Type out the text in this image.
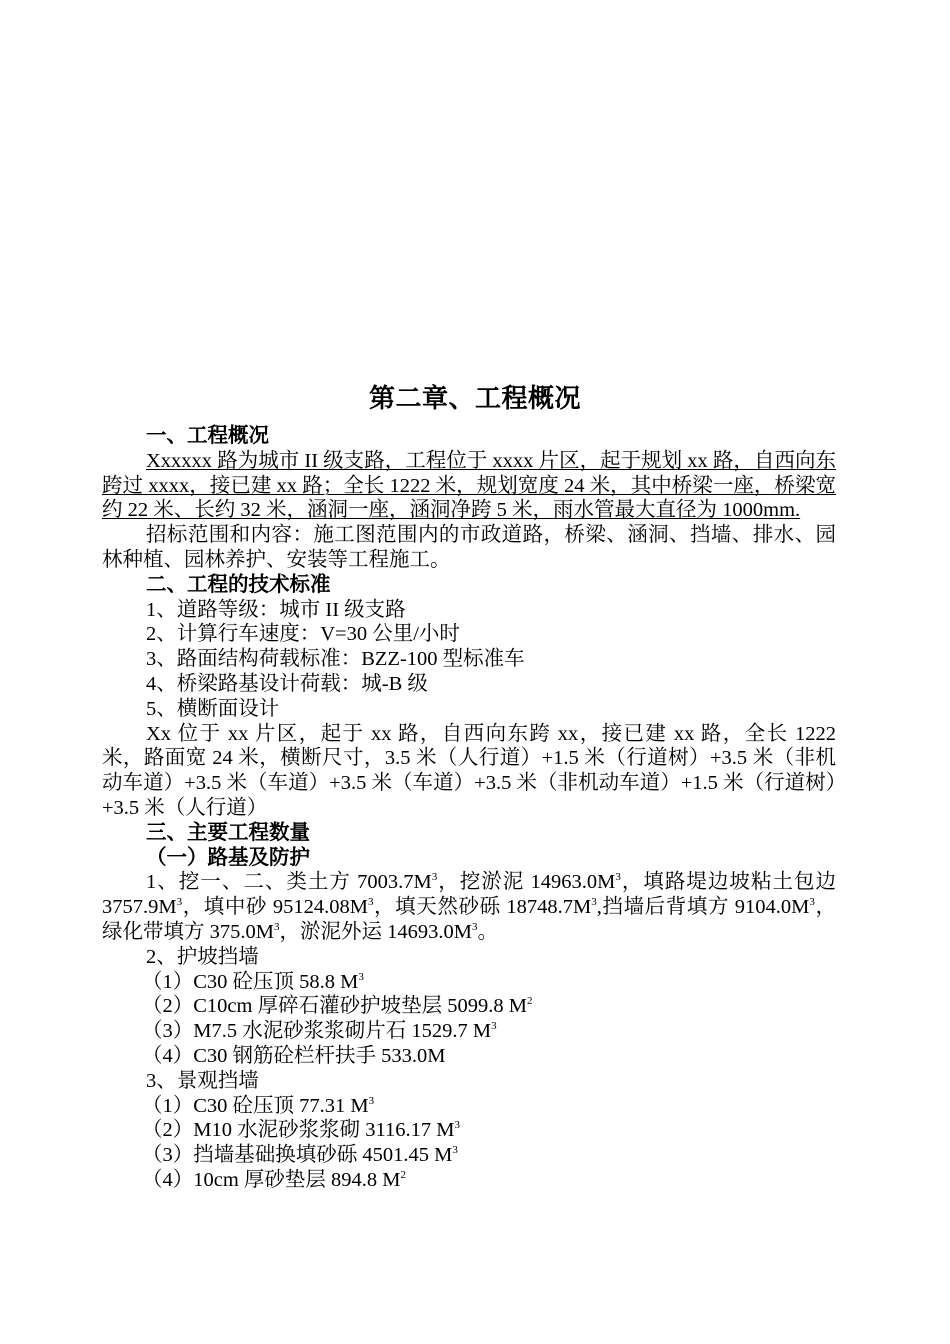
第二章、工程概况

一、工程概况

Xxxxxx 路为城市 II 级支路，工程位于 xxxx 片区，起于规划 xx 路，自西向东跨过 xxxx，接已建 xx 路；全长 1222 米，规划宽度 24 米，其中桥梁一座，桥梁宽约 22 米、长约 32 米，涵洞一座，涵洞净跨 5 米，雨水管最大直径为 1000mm.

招标范围和内容：施工图范围内的市政道路，桥梁、涵洞、挡墙、排水、园林种植、园林养护、安装等工程施工。

二、工程的技术标准

1、道路等级：城市 II 级支路

2、计算行车速度：V=30 公里/小时

3、路面结构荷载标准：BZZ-100 型标准车

4、桥梁路基设计荷载：城-B 级

5、横断面设计

Xx 位于 xx 片区，起于 xx 路，自西向东跨 xx，接已建 xx 路，全长 1222 米，路面宽 24 米，横断尺寸，3.5 米（人行道）+1.5 米（行道树）+3.5 米（非机动车道）+3.5 米（车道）+3.5 米（车道）+3.5 米（非机动车道）+1.5 米（行道树）+3.5 米（人行道）

三、主要工程数量

（一）路基及防护

1、挖一、二、类土方 $7003.7M^3$，挖淤泥 $14963.0M^3$，填路堤边坡粘土包边 $3757.9M^3$，填中砂 $95124.08M^3$，填天然砂砾 $18748.7M^3$,挡墙后背填方 $9104.0M^3$，绿化带填方 $375.0M^3$，淤泥外运 $14693.0M^3$。

2、护坡挡墙

（1）C30 砼压顶 58.8 $M^3$

（2）C10cm 厚碎石灌砂护坡垫层 5099.8 $M^2$

（3）M7.5 水泥砂浆浆砌片石 1529.7 $M^3$

（4）C30 钢筋砼栏杆扶手 533.0M

3、景观挡墙

（1）C30 砼压顶 77.31 $M^3$

（2）M10 水泥砂浆浆砌 3116.17 $M^3$

（3）挡墙基础换填砂砾 4501.45 $M^3$

（4）10cm 厚砂垫层 894.8 $M^2$
